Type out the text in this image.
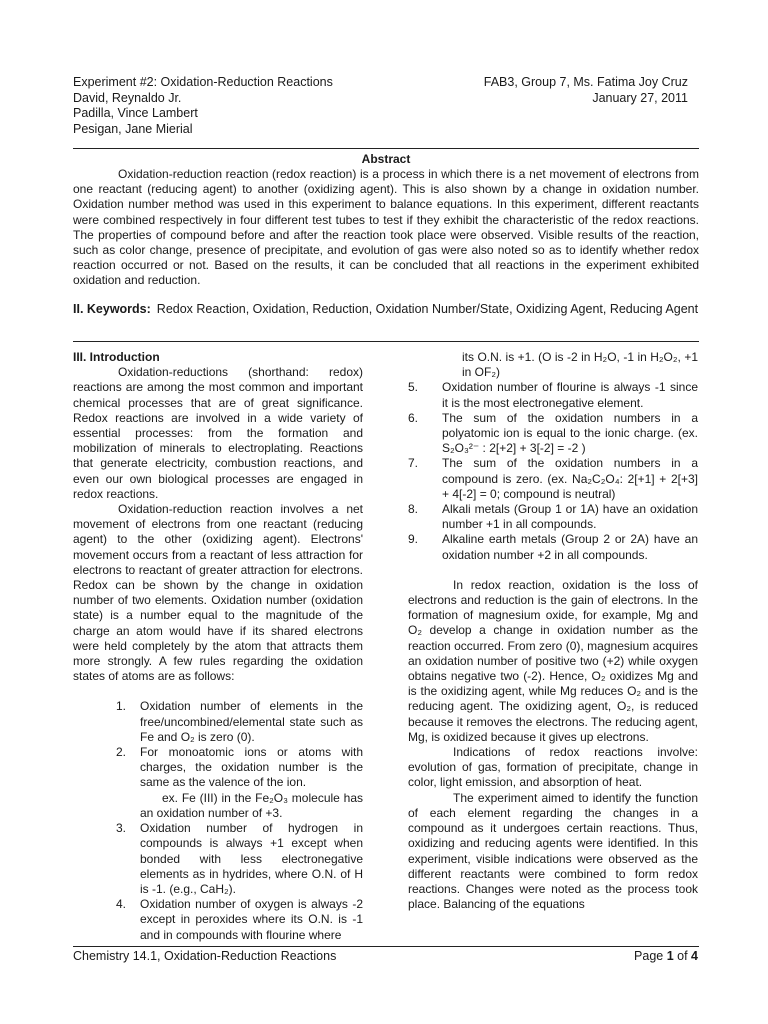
Experiment #2: Oxidation-Reduction Reactions
David, Reynaldo Jr.
Padilla, Vince Lambert
Pesigan, Jane Mierial
FAB3, Group 7, Ms. Fatima Joy Cruz
January 27, 2011
Abstract
Oxidation-reduction reaction (redox reaction) is a process in which there is a net movement of electrons from one reactant (reducing agent) to another (oxidizing agent). This is also shown by a change in oxidation number. Oxidation number method was used in this experiment to balance equations. In this experiment, different reactants were combined respectively in four different test tubes to test if they exhibit the characteristic of the redox reactions. The properties of compound before and after the reaction took place were observed. Visible results of the reaction, such as color change, presence of precipitate, and evolution of gas were also noted so as to identify whether redox reaction occurred or not. Based on the results, it can be concluded that all reactions in the experiment exhibited oxidation and reduction.
II. Keywords: Redox Reaction, Oxidation, Reduction, Oxidation Number/State, Oxidizing Agent, Reducing Agent

III. Introduction

Oxidation-reductions (shorthand: redox) reactions are among the most common and important chemical processes that are of great significance. Redox reactions are involved in a wide variety of essential processes: from the formation and mobilization of minerals to electroplating. Reactions that generate electricity, combustion reactions, and even our own biological processes are engaged in redox reactions.

Oxidation-reduction reaction involves a net movement of electrons from one reactant (reducing agent) to the other (oxidizing agent). Electrons' movement occurs from a reactant of less attraction for electrons to reactant of greater attraction for electrons. Redox can be shown by the change in oxidation number of two elements. Oxidation number (oxidation state) is a number equal to the magnitude of the charge an atom would have if its shared electrons were held completely by the atom that attracts them more strongly. A few rules regarding the oxidation states of atoms are as follows:

1.	Oxidation number of elements in the free/uncombined/elemental state such as Fe and O₂ is zero (0).
2.	For monoatomic ions or atoms with charges, the oxidation number is the same as the valence of the ion.
ex. Fe (III) in the Fe₂O₃ molecule has an oxidation number of +3.
3.	Oxidation number of hydrogen in compounds is always +1 except when bonded with less electronegative elements as in hydrides, where O.N. of H is -1. (e.g., CaH₂).
4.	Oxidation number of oxygen is always -2 except in peroxides where its O.N. is -1 and in compounds with flourine where

its O.N. is +1. (O is -2 in H₂O, -1 in H₂O₂, +1 in OF₂)

5.	Oxidation number of flourine is always -1 since it is the most electronegative element.
6.	The sum of the oxidation numbers in a polyatomic ion is equal to the ionic charge. (ex. S₂O₃²⁻ : 2[+2] + 3[-2] = -2 )
7.	The sum of the oxidation numbers in a compound is zero. (ex. Na₂C₂O₄: 2[+1] + 2[+3] + 4[-2] = 0; compound is neutral)
8.	Alkali metals (Group 1 or 1A) have an oxidation number +1 in all compounds.
9.	Alkaline earth metals (Group 2 or 2A) have an oxidation number +2 in all compounds.

In redox reaction, oxidation is the loss of electrons and reduction is the gain of electrons. In the formation of magnesium oxide, for example, Mg and O₂ develop a change in oxidation number as the reaction occurred. From zero (0), magnesium acquires an oxidation number of positive two (+2) while oxygen obtains negative two (-2). Hence, O₂ oxidizes Mg and is the oxidizing agent, while Mg reduces O₂ and is the reducing agent. The oxidizing agent, O₂, is reduced because it removes the electrons. The reducing agent, Mg, is oxidized because it gives up electrons.

Indications of redox reactions involve: evolution of gas, formation of precipitate, change in color, light emission, and absorption of heat.

The experiment aimed to identify the function of each element regarding the changes in a compound as it undergoes certain reactions. Thus, oxidizing and reducing agents were identified. In this experiment, visible indications were observed as the different reactants were combined to form redox reactions. Changes were noted as the process took place. Balancing of the equations

Chemistry 14.1, Oxidation-Reduction Reactions	Page 1 of 4
